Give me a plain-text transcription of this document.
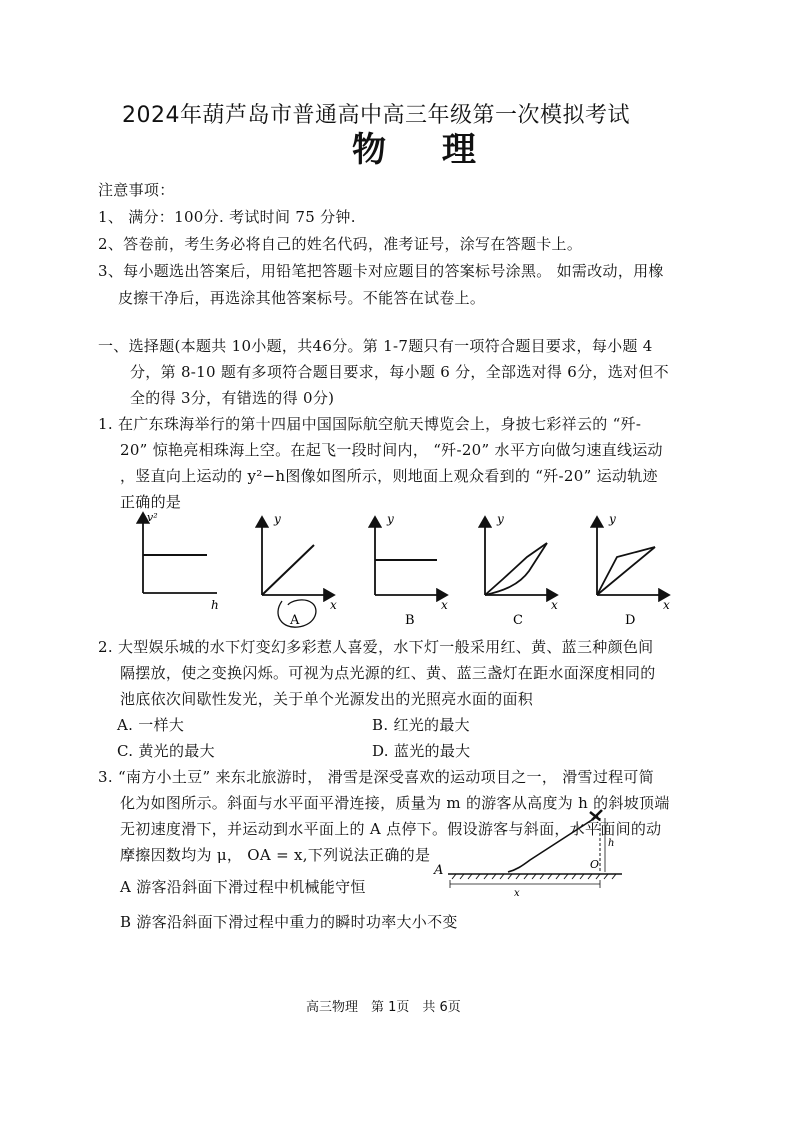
2024年葫芦岛市普通高中高三年级第一次模拟考试
物 理
注意事项：
1、 满分：100分. 考试时间 75 分钟.
2、答卷前，考生务必将自己的姓名代码，准考证号，涂写在答题卡上。
3、每小题选出答案后，用铅笔把答题卡对应题目的答案标号涂黑。 如需改动，用橡
皮擦干净后，再选涂其他答案标号。不能答在试卷上。
一、选择题(本题共 10小题，共46分。第 1-7题只有一项符合题目要求，每小题 4
分，第 8-10 题有多项符合题目要求，每小题 6 分，全部选对得 6分，选对但不
全的得 3分，有错选的得 0分)
1. 在广东珠海举行的第十四届中国国际航空航天博览会上，身披七彩祥云的 “歼-
20” 惊艳亮相珠海上空。在起飞一段时间内， “歼-20” 水平方向做匀速直线运动
，竖直向上运动的 y²−h图像如图所示，则地面上观众看到的 “歼-20” 运动轨迹
正确的是
v²
h
y
x
A
y
x
B
y
x
C
y
x
D
2. 大型娱乐城的水下灯变幻多彩惹人喜爱，水下灯一般采用红、黄、蓝三种颜色间
隔摆放，使之变换闪烁。可视为点光源的红、黄、蓝三盏灯在距水面深度相同的
池底依次间歇性发光，关于单个光源发出的光照亮水面的面积
A. 一样大	B. 红光的最大
C. 黄光的最大	D. 蓝光的最大
3. “南方小土豆” 来东北旅游时， 滑雪是深受喜欢的运动项目之一， 滑雪过程可简
化为如图所示。斜面与水平面平滑连接，质量为 m 的游客从高度为 h 的斜坡顶端
无初速度滑下，并运动到水平面上的 A 点停下。假设游客与斜面，水平面间的动
摩擦因数均为 μ， OA = x,下列说法正确的是
A 游客沿斜面下滑过程中机械能守恒
B 游客沿斜面下滑过程中重力的瞬时功率大小不变
h
O
A
x
高三物理　第 1页　共 6页
